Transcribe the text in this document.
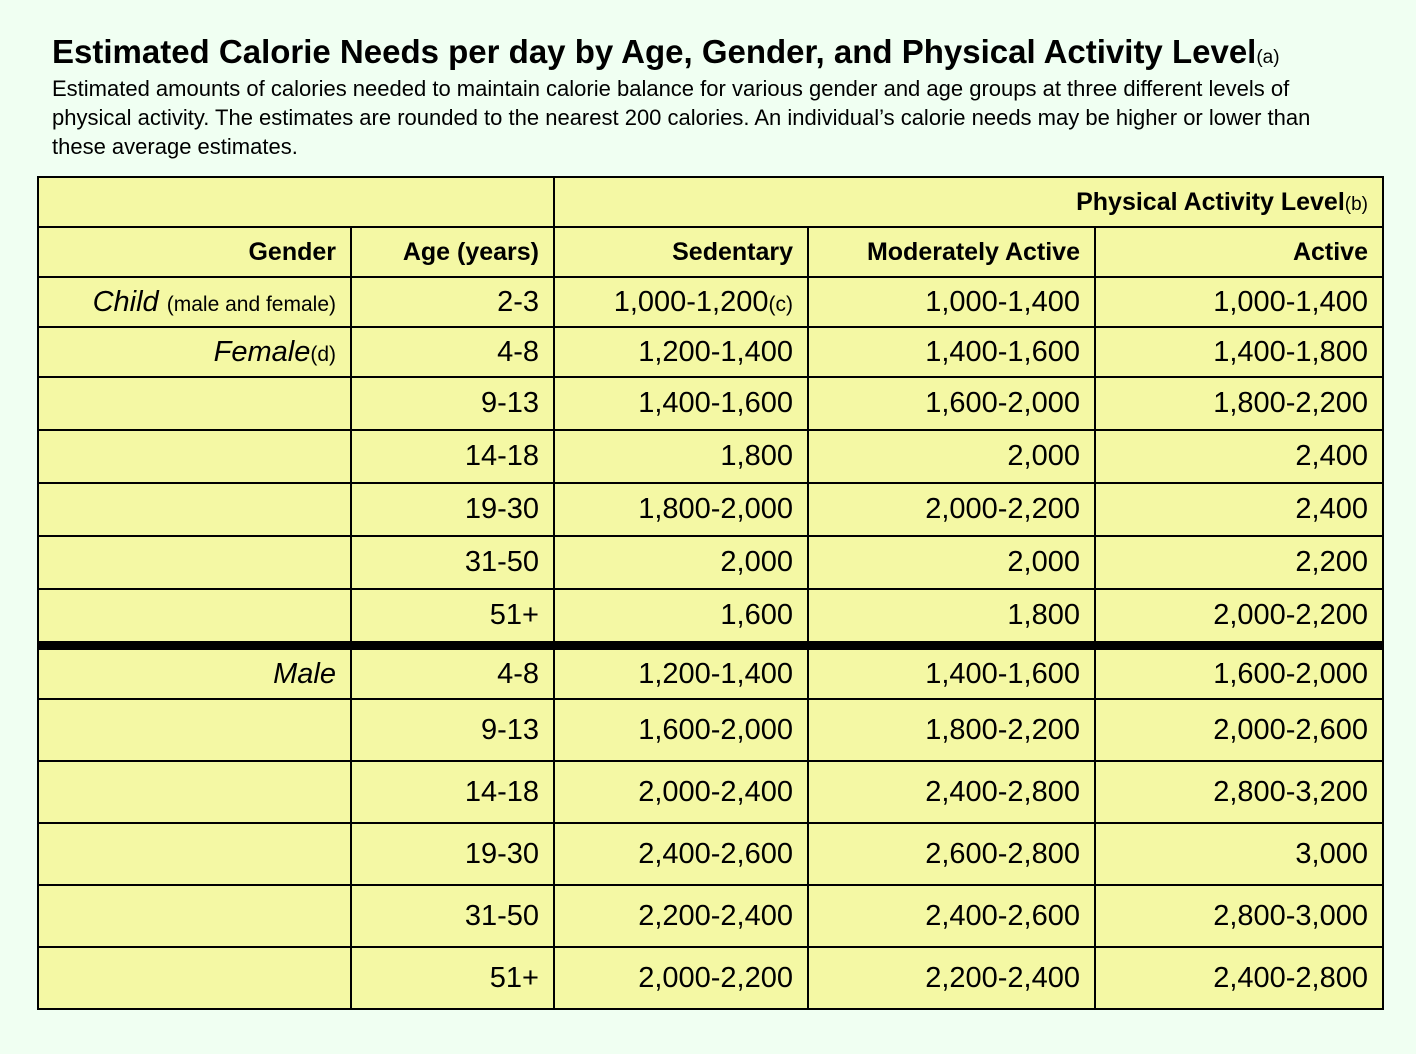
Estimated Calorie Needs per day by Age, Gender, and Physical Activity Level(a)

Estimated amounts of calories needed to maintain calorie balance for various gender and age groups at three different levels of physical activity. The estimates are rounded to the nearest 200 calories. An individual’s calorie needs may be higher or lower than these average estimates.

		Physical Activity Level(b)		
Gender	Age (years)	Sedentary	Moderately Active	Active
Child (male and female)	2-3	1,000-1,200(c)	1,000-1,400	1,000-1,400
Female(d)	4-8	1,200-1,400	1,400-1,600	1,400-1,800
	9-13	1,400-1,600	1,600-2,000	1,800-2,200
	14-18	1,800	2,000	2,400
	19-30	1,800-2,000	2,000-2,200	2,400
	31-50	2,000	2,000	2,200
	51+	1,600	1,800	2,000-2,200
Male	4-8	1,200-1,400	1,400-1,600	1,600-2,000
	9-13	1,600-2,000	1,800-2,200	2,000-2,600
	14-18	2,000-2,400	2,400-2,800	2,800-3,200
	19-30	2,400-2,600	2,600-2,800	3,000
	31-50	2,200-2,400	2,400-2,600	2,800-3,000
	51+	2,000-2,200	2,200-2,400	2,400-2,800
